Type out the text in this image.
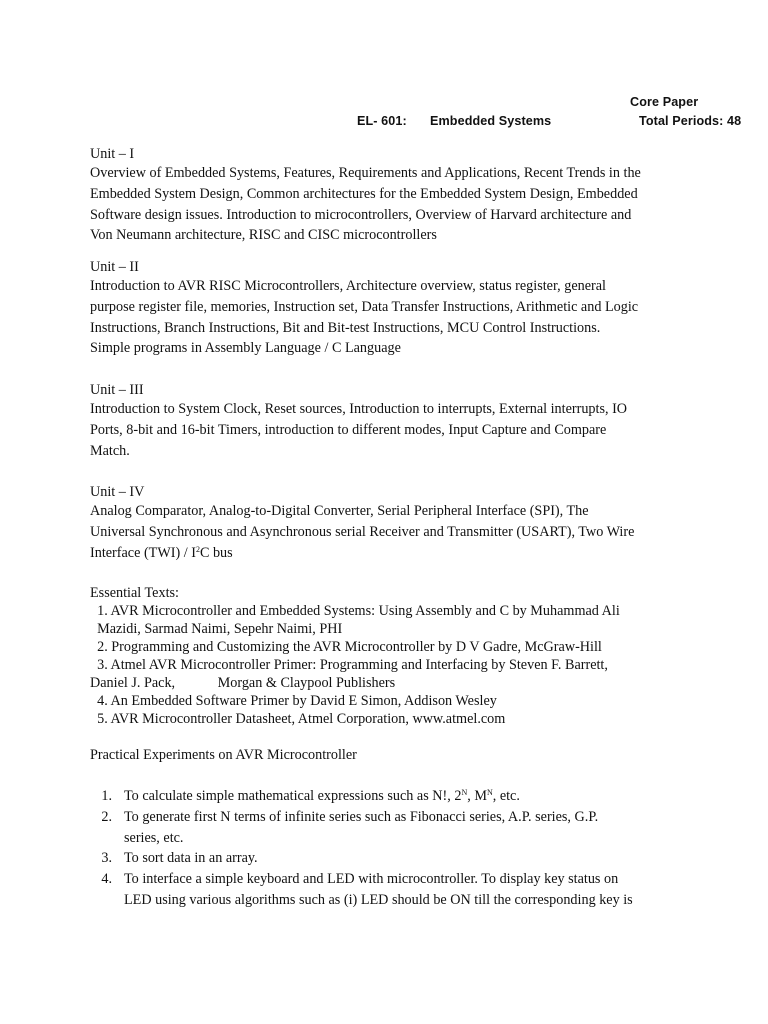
Core Paper
EL- 601: Embedded Systems	Total Periods: 48
Unit – I
Overview of Embedded Systems, Features, Requirements and Applications, Recent Trends in the
Embedded System Design, Common architectures for the Embedded System Design, Embedded
Software design issues. Introduction to microcontrollers, Overview of Harvard architecture and
Von Neumann architecture, RISC and CISC microcontrollers
Unit – II
Introduction to AVR RISC Microcontrollers, Architecture overview, status register, general
purpose register file, memories, Instruction set, Data Transfer Instructions, Arithmetic and Logic
Instructions, Branch Instructions, Bit and Bit-test Instructions, MCU Control Instructions.
Simple programs in Assembly Language / C Language
Unit – III
Introduction to System Clock, Reset sources, Introduction to interrupts, External interrupts, IO
Ports, 8-bit and 16-bit Timers, introduction to different modes, Input Capture and Compare
Match.
Unit – IV
Analog Comparator, Analog-to-Digital Converter, Serial Peripheral Interface (SPI), The
Universal Synchronous and Asynchronous serial Receiver and Transmitter (USART), Two Wire
Interface $(TWI) / I^2C$ bus
Essential Texts:
1. AVR Microcontroller and Embedded Systems: Using Assembly and C by Muhammad Ali
Mazidi, Sarmad Naimi, Sepehr Naimi, PHI
2. Programming and Customizing the AVR Microcontroller by D V Gadre, McGraw-Hill
3. Atmel AVR Microcontroller Primer: Programming and Interfacing by Steven F. Barrett,
Daniel J. Pack,            Morgan & Claypool Publishers
4. An Embedded Software Primer by David E Simon, Addison Wesley
5. AVR Microcontroller Datasheet, Atmel Corporation, www.atmel.com
Practical Experiments on AVR Microcontroller
1. To calculate simple mathematical expressions such as N!, $2^N$, $M^N$, etc.
2. To generate first N terms of infinite series such as Fibonacci series, A.P. series, G.P.
series, etc.
3. To sort data in an array.
4. To interface a simple keyboard and LED with microcontroller. To display key status on
LED using various algorithms such as (i) LED should be ON till the corresponding key is
